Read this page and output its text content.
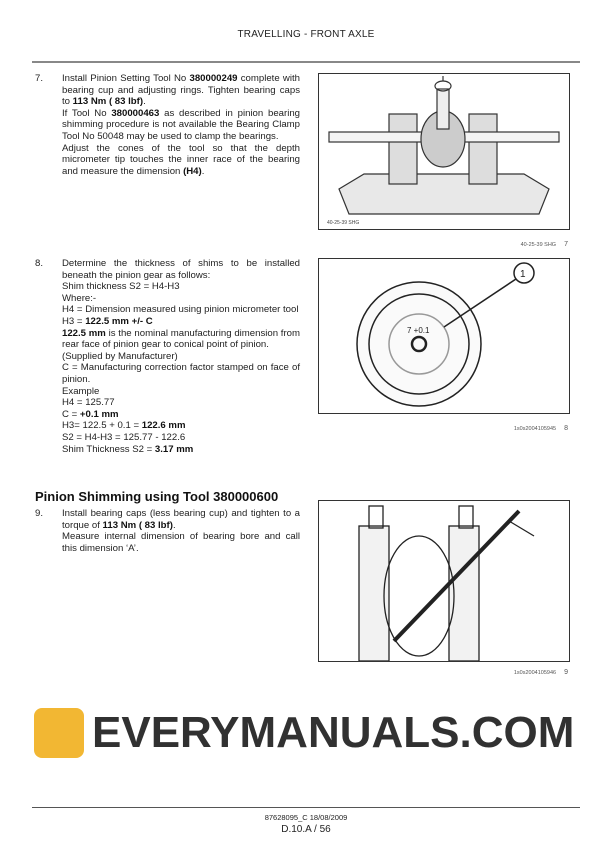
TRAVELLING - FRONT AXLE
7. Install Pinion Setting Tool No 380000249 complete with bearing cup and adjusting rings. Tighten bearing caps to 113 Nm ( 83 lbf).

If Tool No 380000463 as described in pinion bearing shimming procedure is not available the Bearing Clamp Tool No 50048 may be used to clamp the bearings.

Adjust the cones of the tool so that the depth micrometer tip touches the inner race of the bearing and measure the dimension (H4).

8. Determine the thickness of shims to be installed beneath the pinion gear as follows:

Shim thickness S2 = H4-H3

Where:-

H4 = Dimension measured using pinion micrometer tool

H3 = 122.5 mm +/- C

122.5 mm is the nominal manufacturing dimension from rear face of pinion gear to conical point of pinion.

(Supplied by Manufacturer)

C = Manufacturing correction factor stamped on face of pinion.

Example

H4 = 125.77

C = +0.1 mm

H3= 122.5 + 0.1 = 122.6 mm

S2 = H4-H3 = 125.77 - 122.6

Shim Thickness S2 = 3.17 mm

Pinion Shimming using Tool 380000600
9. Install bearing caps (less bearing cup) and tighten to a torque of 113 Nm ( 83 lbf).

Measure internal dimension of bearing bore and call this dimension ‘A’.

40-25-39 SHG
40-25-39 SHG 7
1
7 +0.1
1s0s2004105945 8
1s0s2004105946 9
EVERYMANUALS.COM
87628095_C 18/08/2009
D.10.A / 56
